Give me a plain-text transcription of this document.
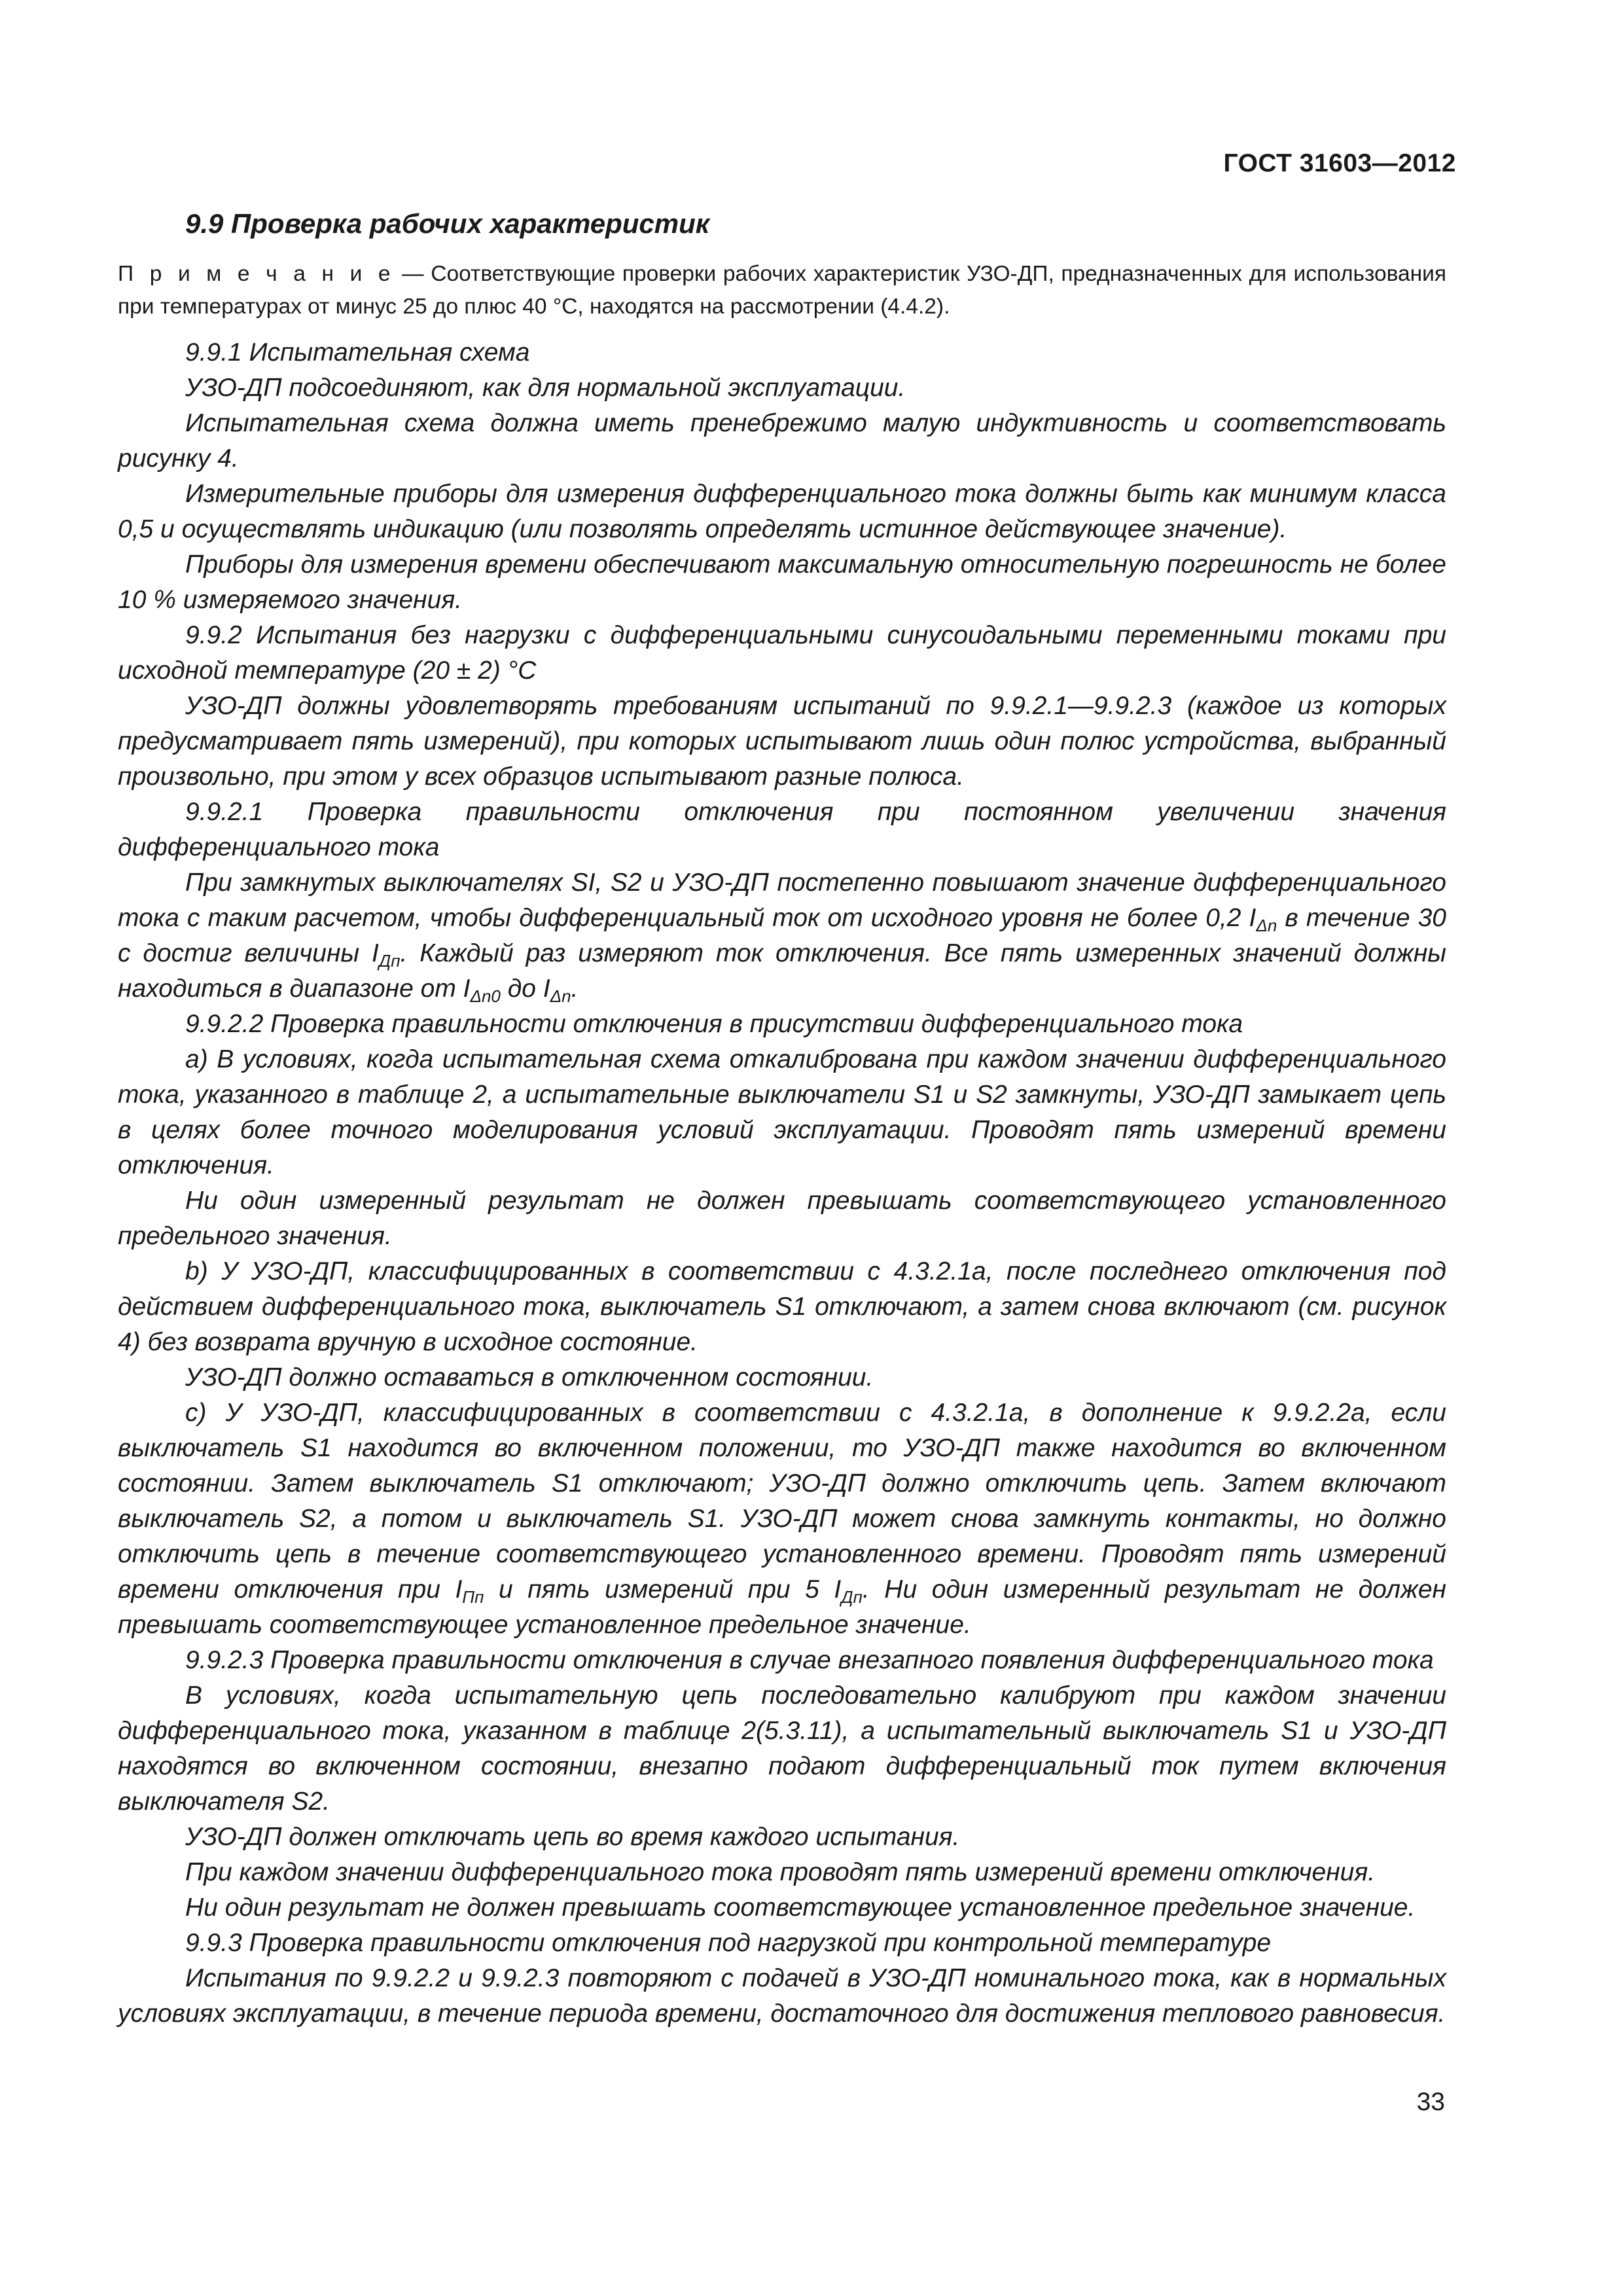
ГОСТ 31603—2012
9.9 Проверка рабочих характеристик
П р и м е ч а н и е — Соответствующие проверки рабочих характеристик УЗО-ДП, предназначенных для использования при температурах от минус 25 до плюс 40 °С, находятся на рассмотрении (4.4.2).

9.9.1 Испытательная схема

УЗО-ДП подсоединяют, как для нормальной эксплуатации.

Испытательная схема должна иметь пренебрежимо малую индуктивность и соответствовать рисунку 4.

Измерительные приборы для измерения дифференциального тока должны быть как минимум класса 0,5 и осуществлять индикацию (или позволять определять истинное действующее значение).

Приборы для измерения времени обеспечивают максимальную относительную погрешность не более 10 % измеряемого значения.

9.9.2 Испытания без нагрузки с дифференциальными синусоидальными переменными токами при исходной температуре (20 ± 2) °С

УЗО-ДП должны удовлетворять требованиям испытаний по 9.9.2.1—9.9.2.3 (каждое из которых предусматривает пять измерений), при которых испытывают лишь один полюс устройства, выбранный произвольно, при этом у всех образцов испытывают разные полюса.

9.9.2.1 Проверка правильности отключения при постоянном увеличении значения дифференциального тока

При замкнутых выключателях SI, S2 и УЗО-ДП постепенно повышают значение дифференциального тока с таким расчетом, чтобы дифференциальный ток от исходного уровня не более 0,2 $I_{\Delta n}$ в течение 30 с достиг величины $I_{Дп}$. Каждый раз измеряют ток отключения. Все пять измеренных значений должны находиться в диапазоне от $I_{\Delta n0}$ до $I_{\Delta n}$.

9.9.2.2 Проверка правильности отключения в присутствии дифференциального тока

a) В условиях, когда испытательная схема откалиброванa при каждом значении дифференциального тока, указанного в таблице 2, а испытательные выключатели S1 и S2 замкнуты, УЗО-ДП замыкает цепь в целях более точного моделирования условий эксплуатации. Проводят пять измерений времени отключения.

Ни один измеренный результат не должен превышать соответствующего установленного предельного значения.

b) У УЗО-ДП, классифицированных в соответствии с 4.3.2.1а, после последнего отключения под действием дифференциального тока, выключатель S1 отключают, а затем снова включают (см. рисунок 4) без возврата вручную в исходное состояние.

УЗО-ДП должно оставаться в отключенном состоянии.

c) У УЗО-ДП, классифицированных в соответствии с 4.3.2.1а, в дополнение к 9.9.2.2а, если выключатель S1 находится во включенном положении, то УЗО-ДП также находится во включенном состоянии. Затем выключатель S1 отключают; УЗО-ДП должно отключить цепь. Затем включают выключатель S2, а потом и выключатель S1. УЗО-ДП может снова замкнуть контакты, но должно отключить цепь в течение соответствующего установленного времени. Проводят пять измерений времени отключения при $I_{Пп}$ и пять измерений при 5 $I_{Дп}$. Ни один измеренный результат не должен превышать соответствующее установленное предельное значение.

9.9.2.3 Проверка правильности отключения в случае внезапного появления дифференциального тока

В условиях, когда испытательную цепь последовательно калибруют при каждом значении дифференциального тока, указанном в таблице 2(5.3.11), а испытательный выключатель S1 и УЗО-ДП находятся во включенном состоянии, внезапно подают дифференциальный ток путем включения выключателя S2.

УЗО-ДП должен отключать цепь во время каждого испытания.

При каждом значении дифференциального тока проводят пять измерений времени отключения.

Ни один результат не должен превышать соответствующее установленное предельное значение.

9.9.3 Проверка правильности отключения под нагрузкой при контрольной температуре

Испытания по 9.9.2.2 и 9.9.2.3 повторяют с подачей в УЗО-ДП номинального тока, как в нормальных условиях эксплуатации, в течение периода времени, достаточного для достижения теплового равновесия.

33
